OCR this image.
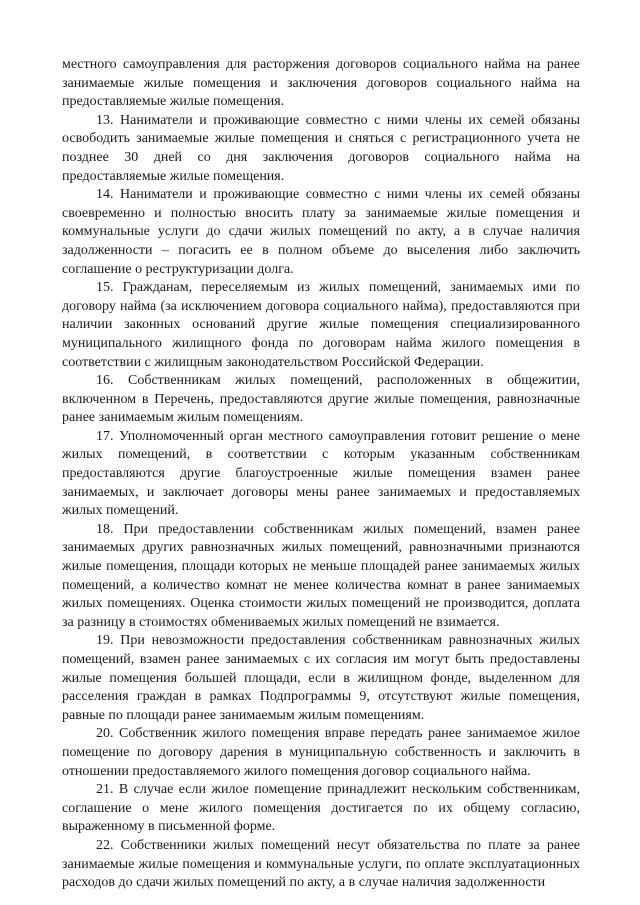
местного самоуправления для расторжения договоров социального найма на ранее занимаемые жилые помещения и заключения договоров социального найма на предоставляемые жилые помещения.

13. Наниматели и проживающие совместно с ними члены их семей обязаны освободить занимаемые жилые помещения и сняться с регистрационного учета не позднее 30 дней со дня заключения договоров социального найма на предоставляемые жилые помещения.

14. Наниматели и проживающие совместно с ними члены их семей обязаны своевременно и полностью вносить плату за занимаемые жилые помещения и коммунальные услуги до сдачи жилых помещений по акту, а в случае наличия задолженности – погасить ее в полном объеме до выселения либо заключить соглашение о реструктуризации долга.

15. Гражданам, переселяемым из жилых помещений, занимаемых ими по договору найма (за исключением договора социального найма), предоставляются при наличии законных оснований другие жилые помещения специализированного муниципального жилищного фонда по договорам найма жилого помещения в соответствии с жилищным законодательством Российской Федерации.

16. Собственникам жилых помещений, расположенных в общежитии, включенном в Перечень, предоставляются другие жилые помещения, равнозначные ранее занимаемым жилым помещениям.

17. Уполномоченный орган местного самоуправления готовит решение о мене жилых помещений, в соответствии с которым указанным собственникам предоставляются другие благоустроенные жилые помещения взамен ранее занимаемых, и заключает договоры мены ранее занимаемых и предоставляемых жилых помещений.

18. При предоставлении собственникам жилых помещений, взамен ранее занимаемых других равнозначных жилых помещений, равнозначными признаются жилые помещения, площади которых не меньше площадей ранее занимаемых жилых помещений, а количество комнат не менее количества комнат в ранее занимаемых жилых помещениях. Оценка стоимости жилых помещений не производится, доплата за разницу в стоимостях обмениваемых жилых помещений не взимается.

19. При невозможности предоставления собственникам равнозначных жилых помещений, взамен ранее занимаемых с их согласия им могут быть предоставлены жилые помещения большей площади, если в жилищном фонде, выделенном для расселения граждан в рамках Подпрограммы 9, отсутствуют жилые помещения, равные по площади ранее занимаемым жилым помещениям.

20. Собственник жилого помещения вправе передать ранее занимаемое жилое помещение по договору дарения в муниципальную собственность и заключить в отношении предоставляемого жилого помещения договор социального найма.

21. В случае если жилое помещение принадлежит нескольким собственникам, соглашение о мене жилого помещения достигается по их общему согласию, выраженному в письменной форме.

22. Собственники жилых помещений несут обязательства по плате за ранее занимаемые жилые помещения и коммунальные услуги, по оплате эксплуатационных расходов до сдачи жилых помещений по акту, а в случае наличия задолженности
